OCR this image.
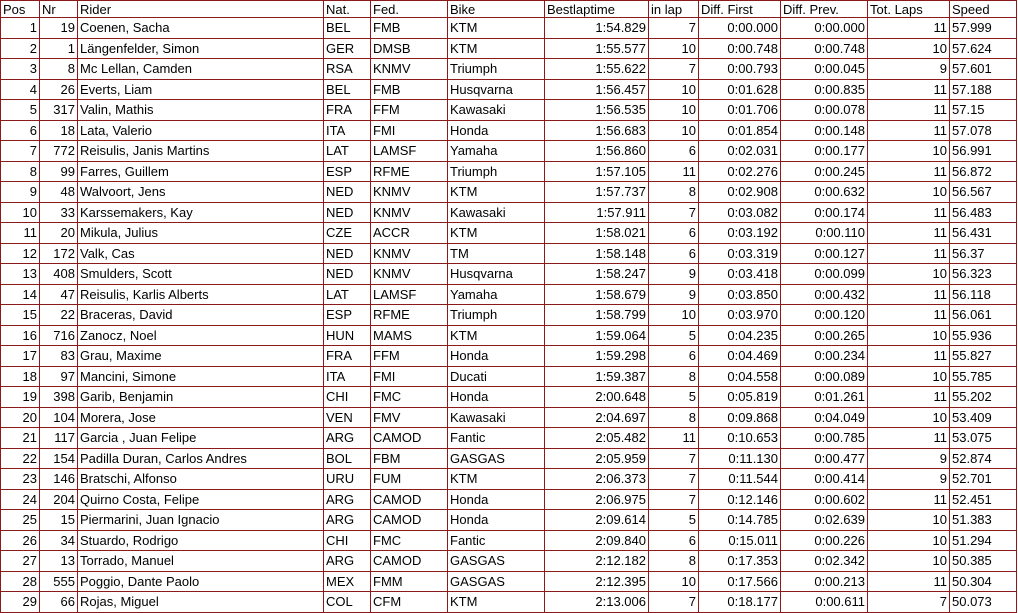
Pos	Nr	Rider	Nat.	Fed.	Bike	Bestlaptime	in lap	Diff. First	Diff. Prev.	Tot. Laps	Speed
1	19	Coenen, Sacha	BEL	FMB	KTM	1:54.829	7	0:00.000	0:00.000	11	57.999
2	1	Längenfelder, Simon	GER	DMSB	KTM	1:55.577	10	0:00.748	0:00.748	10	57.624
3	8	Mc Lellan, Camden	RSA	KNMV	Triumph	1:55.622	7	0:00.793	0:00.045	9	57.601
4	26	Everts, Liam	BEL	FMB	Husqvarna	1:56.457	10	0:01.628	0:00.835	11	57.188
5	317	Valin, Mathis	FRA	FFM	Kawasaki	1:56.535	10	0:01.706	0:00.078	11	57.15
6	18	Lata, Valerio	ITA	FMI	Honda	1:56.683	10	0:01.854	0:00.148	11	57.078
7	772	Reisulis, Janis Martins	LAT	LAMSF	Yamaha	1:56.860	6	0:02.031	0:00.177	10	56.991
8	99	Farres, Guillem	ESP	RFME	Triumph	1:57.105	11	0:02.276	0:00.245	11	56.872
9	48	Walvoort, Jens	NED	KNMV	KTM	1:57.737	8	0:02.908	0:00.632	10	56.567
10	33	Karssemakers, Kay	NED	KNMV	Kawasaki	1:57.911	7	0:03.082	0:00.174	11	56.483
11	20	Mikula, Julius	CZE	ACCR	KTM	1:58.021	6	0:03.192	0:00.110	11	56.431
12	172	Valk, Cas	NED	KNMV	TM	1:58.148	6	0:03.319	0:00.127	11	56.37
13	408	Smulders, Scott	NED	KNMV	Husqvarna	1:58.247	9	0:03.418	0:00.099	10	56.323
14	47	Reisulis, Karlis Alberts	LAT	LAMSF	Yamaha	1:58.679	9	0:03.850	0:00.432	11	56.118
15	22	Braceras, David	ESP	RFME	Triumph	1:58.799	10	0:03.970	0:00.120	11	56.061
16	716	Zanocz, Noel	HUN	MAMS	KTM	1:59.064	5	0:04.235	0:00.265	10	55.936
17	83	Grau, Maxime	FRA	FFM	Honda	1:59.298	6	0:04.469	0:00.234	11	55.827
18	97	Mancini, Simone	ITA	FMI	Ducati	1:59.387	8	0:04.558	0:00.089	10	55.785
19	398	Garib, Benjamin	CHI	FMC	Honda	2:00.648	5	0:05.819	0:01.261	11	55.202
20	104	Morera, Jose	VEN	FMV	Kawasaki	2:04.697	8	0:09.868	0:04.049	10	53.409
21	117	Garcia , Juan Felipe	ARG	CAMOD	Fantic	2:05.482	11	0:10.653	0:00.785	11	53.075
22	154	Padilla Duran, Carlos Andres	BOL	FBM	GASGAS	2:05.959	7	0:11.130	0:00.477	9	52.874
23	146	Bratschi, Alfonso	URU	FUM	KTM	2:06.373	7	0:11.544	0:00.414	9	52.701
24	204	Quirno Costa, Felipe	ARG	CAMOD	Honda	2:06.975	7	0:12.146	0:00.602	11	52.451
25	15	Piermarini, Juan Ignacio	ARG	CAMOD	Honda	2:09.614	5	0:14.785	0:02.639	10	51.383
26	34	Stuardo, Rodrigo	CHI	FMC	Fantic	2:09.840	6	0:15.011	0:00.226	10	51.294
27	13	Torrado, Manuel	ARG	CAMOD	GASGAS	2:12.182	8	0:17.353	0:02.342	10	50.385
28	555	Poggio, Dante Paolo	MEX	FMM	GASGAS	2:12.395	10	0:17.566	0:00.213	11	50.304
29	66	Rojas, Miguel	COL	CFM	KTM	2:13.006	7	0:18.177	0:00.611	7	50.073
